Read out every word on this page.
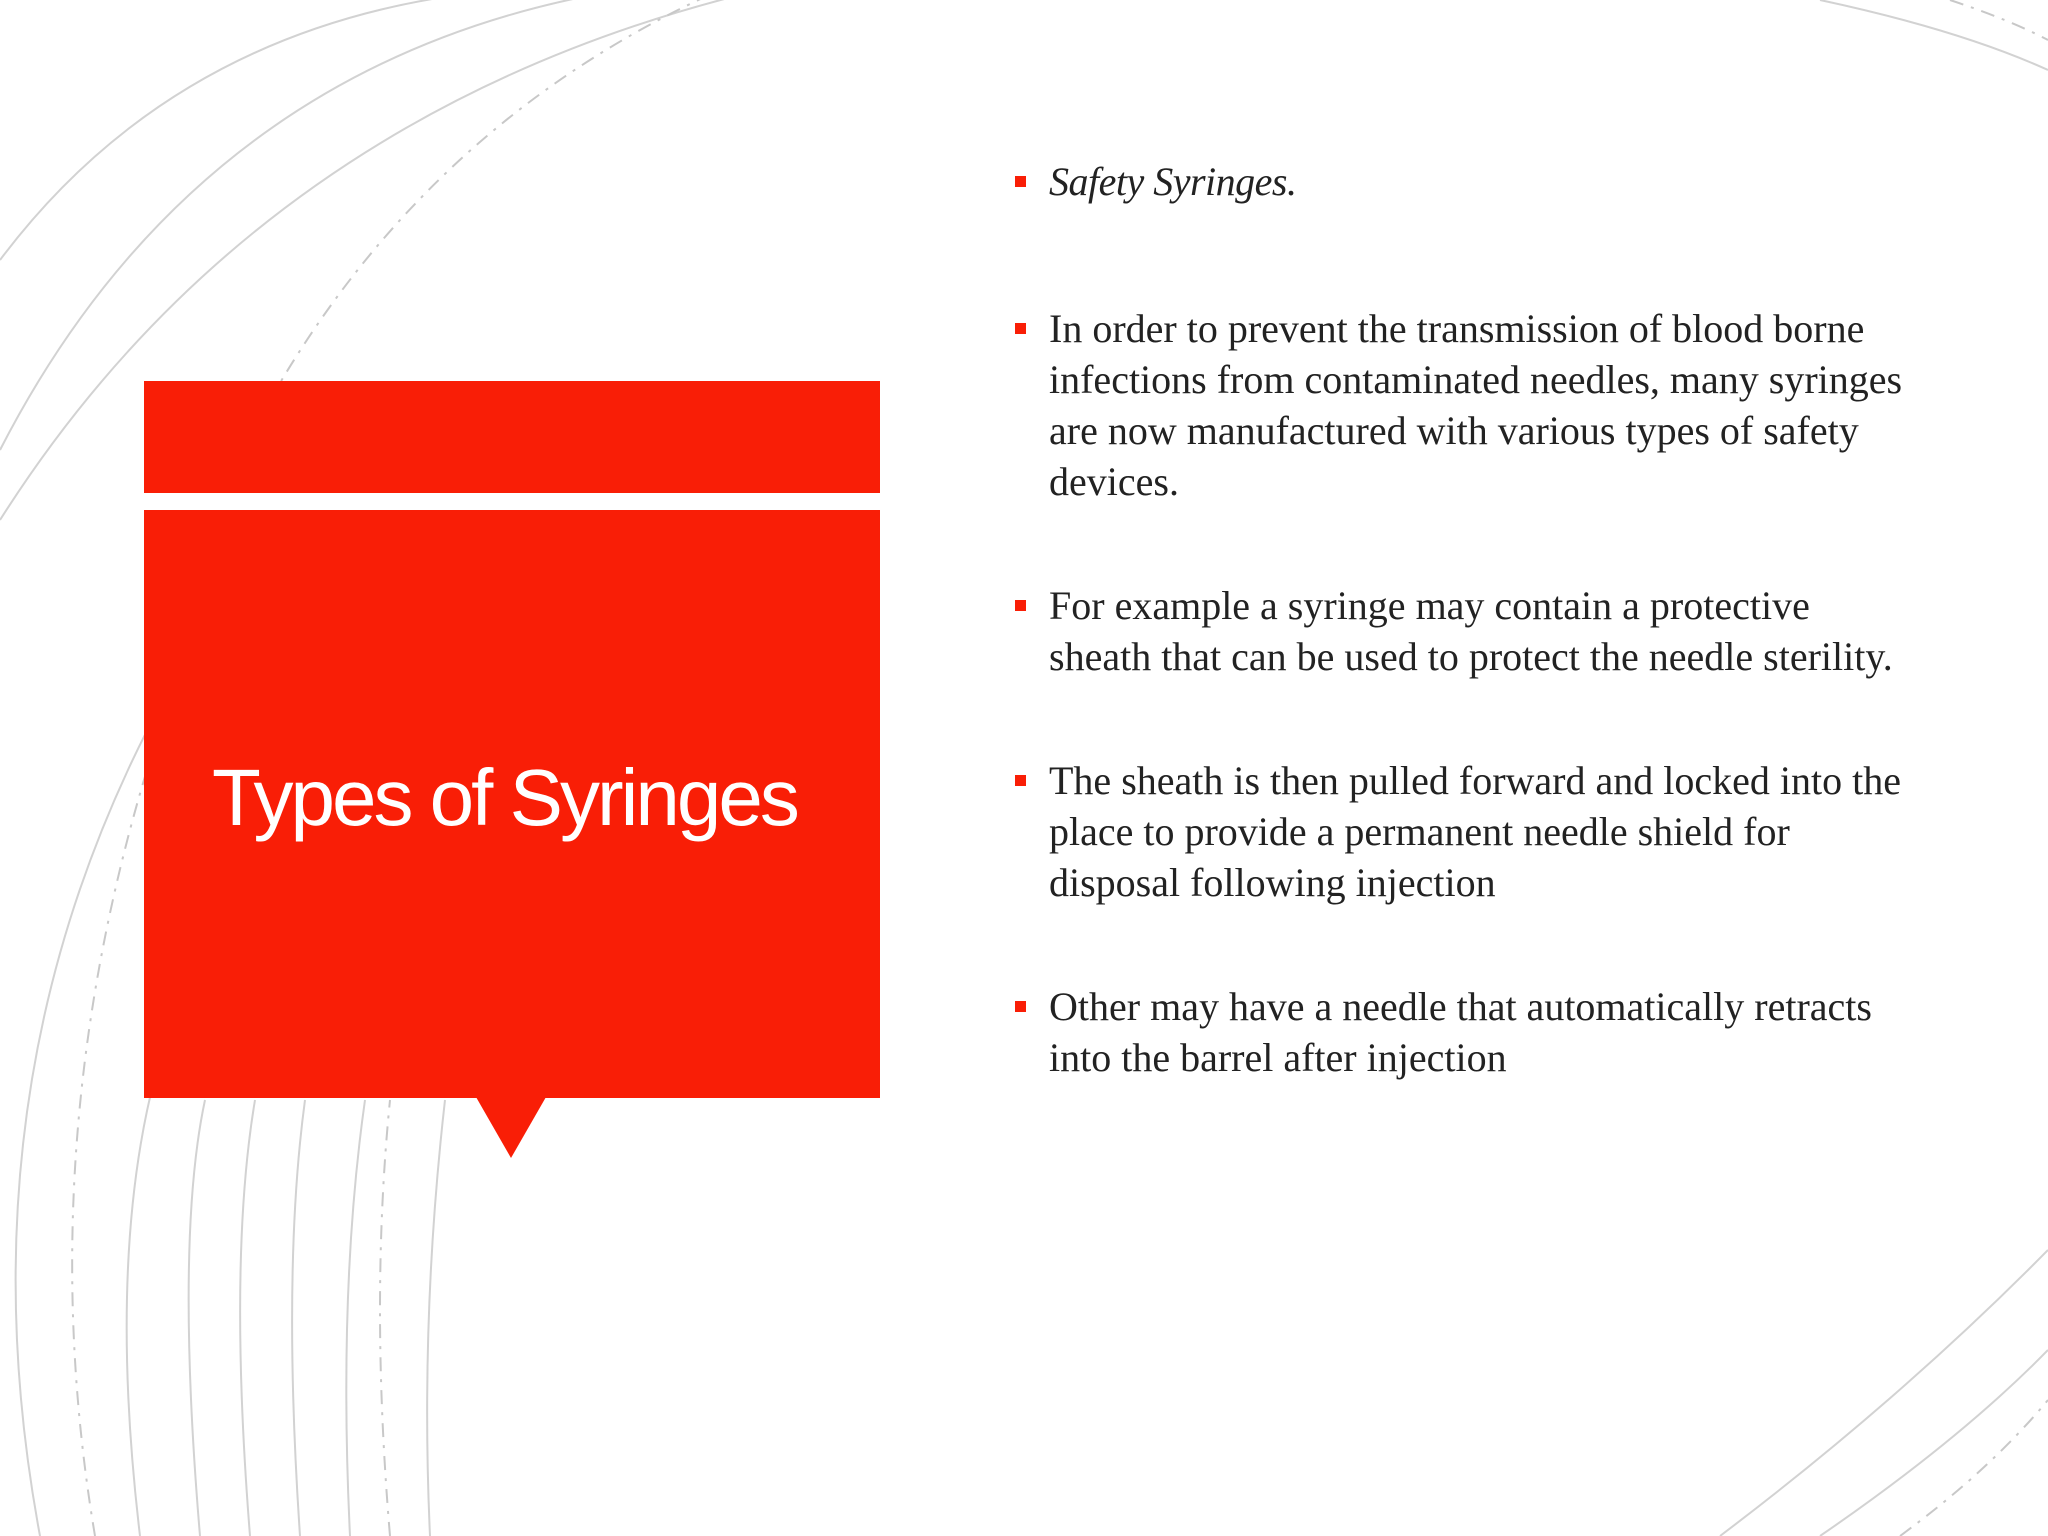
Types of Syringes
Safety Syringes.
In order to prevent the transmission of blood borne infections from contaminated needles, many syringes are now manufactured with various types of safety devices.
For example a syringe may contain a protective sheath that can be used to protect the needle sterility.
The sheath is then pulled forward and locked into the place to provide a permanent needle shield for disposal following injection
Other may have a needle that automatically retracts into the barrel after injection
